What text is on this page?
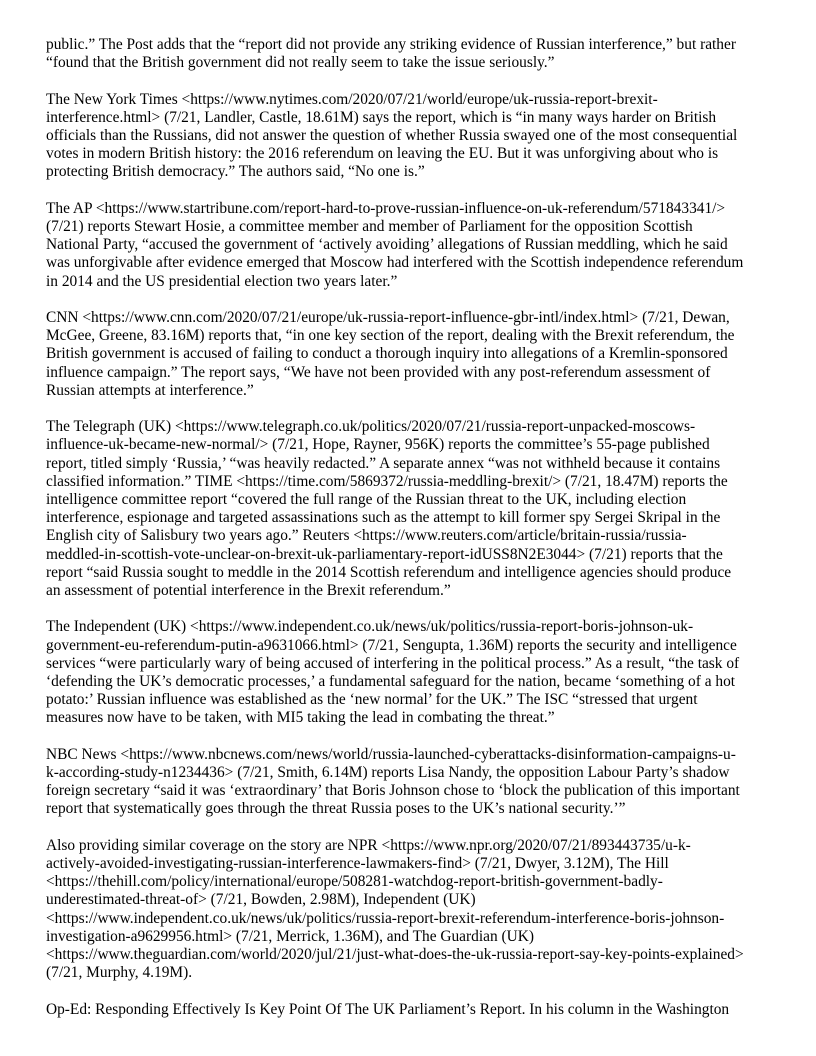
public.” The Post adds that the “report did not provide any striking evidence of Russian interference,” but rather
“found that the British government did not really seem to take the issue seriously.”

The New York Times <https://www.nytimes.com/2020/07/21/world/europe/uk-russia-report-brexit-
interference.html> (7/21, Landler, Castle, 18.61M) says the report, which is “in many ways harder on British
officials than the Russians, did not answer the question of whether Russia swayed one of the most consequential
votes in modern British history: the 2016 referendum on leaving the EU. But it was unforgiving about who is
protecting British democracy.” The authors said, “No one is.”

The AP <https://www.startribune.com/report-hard-to-prove-russian-influence-on-uk-referendum/571843341/>
(7/21) reports Stewart Hosie, a committee member and member of Parliament for the opposition Scottish
National Party, “accused the government of ‘actively avoiding’ allegations of Russian meddling, which he said
was unforgivable after evidence emerged that Moscow had interfered with the Scottish independence referendum
in 2014 and the US presidential election two years later.”

CNN <https://www.cnn.com/2020/07/21/europe/uk-russia-report-influence-gbr-intl/index.html> (7/21, Dewan,
McGee, Greene, 83.16M) reports that, “in one key section of the report, dealing with the Brexit referendum, the
British government is accused of failing to conduct a thorough inquiry into allegations of a Kremlin-sponsored
influence campaign.” The report says, “We have not been provided with any post-referendum assessment of
Russian attempts at interference.”

The Telegraph (UK) <https://www.telegraph.co.uk/politics/2020/07/21/russia-report-unpacked-moscows-
influence-uk-became-new-normal/> (7/21, Hope, Rayner, 956K) reports the committee’s 55-page published
report, titled simply ‘Russia,’ “was heavily redacted.” A separate annex “was not withheld because it contains
classified information.” TIME <https://time.com/5869372/russia-meddling-brexit/> (7/21, 18.47M) reports the
intelligence committee report “covered the full range of the Russian threat to the UK, including election
interference, espionage and targeted assassinations such as the attempt to kill former spy Sergei Skripal in the
English city of Salisbury two years ago.” Reuters <https://www.reuters.com/article/britain-russia/russia-
meddled-in-scottish-vote-unclear-on-brexit-uk-parliamentary-report-idUSS8N2E3044> (7/21) reports that the
report “said Russia sought to meddle in the 2014 Scottish referendum and intelligence agencies should produce
an assessment of potential interference in the Brexit referendum.”

The Independent (UK) <https://www.independent.co.uk/news/uk/politics/russia-report-boris-johnson-uk-
government-eu-referendum-putin-a9631066.html> (7/21, Sengupta, 1.36M) reports the security and intelligence
services “were particularly wary of being accused of interfering in the political process.” As a result, “the task of
‘defending the UK’s democratic processes,’ a fundamental safeguard for the nation, became ‘something of a hot
potato:’ Russian influence was established as the ‘new normal’ for the UK.” The ISC “stressed that urgent
measures now have to be taken, with MI5 taking the lead in combating the threat.”

NBC News <https://www.nbcnews.com/news/world/russia-launched-cyberattacks-disinformation-campaigns-u-
k-according-study-n1234436> (7/21, Smith, 6.14M) reports Lisa Nandy, the opposition Labour Party’s shadow
foreign secretary “said it was ‘extraordinary’ that Boris Johnson chose to ‘block the publication of this important
report that systematically goes through the threat Russia poses to the UK’s national security.’”

Also providing similar coverage on the story are NPR <https://www.npr.org/2020/07/21/893443735/u-k-
actively-avoided-investigating-russian-interference-lawmakers-find> (7/21, Dwyer, 3.12M), The Hill
<https://thehill.com/policy/international/europe/508281-watchdog-report-british-government-badly-
underestimated-threat-of> (7/21, Bowden, 2.98M), Independent (UK)
<https://www.independent.co.uk/news/uk/politics/russia-report-brexit-referendum-interference-boris-johnson-
investigation-a9629956.html> (7/21, Merrick, 1.36M), and The Guardian (UK)
<https://www.theguardian.com/world/2020/jul/21/just-what-does-the-uk-russia-report-say-key-points-explained>
(7/21, Murphy, 4.19M).

Op-Ed: Responding Effectively Is Key Point Of The UK Parliament’s Report. In his column in the Washington
